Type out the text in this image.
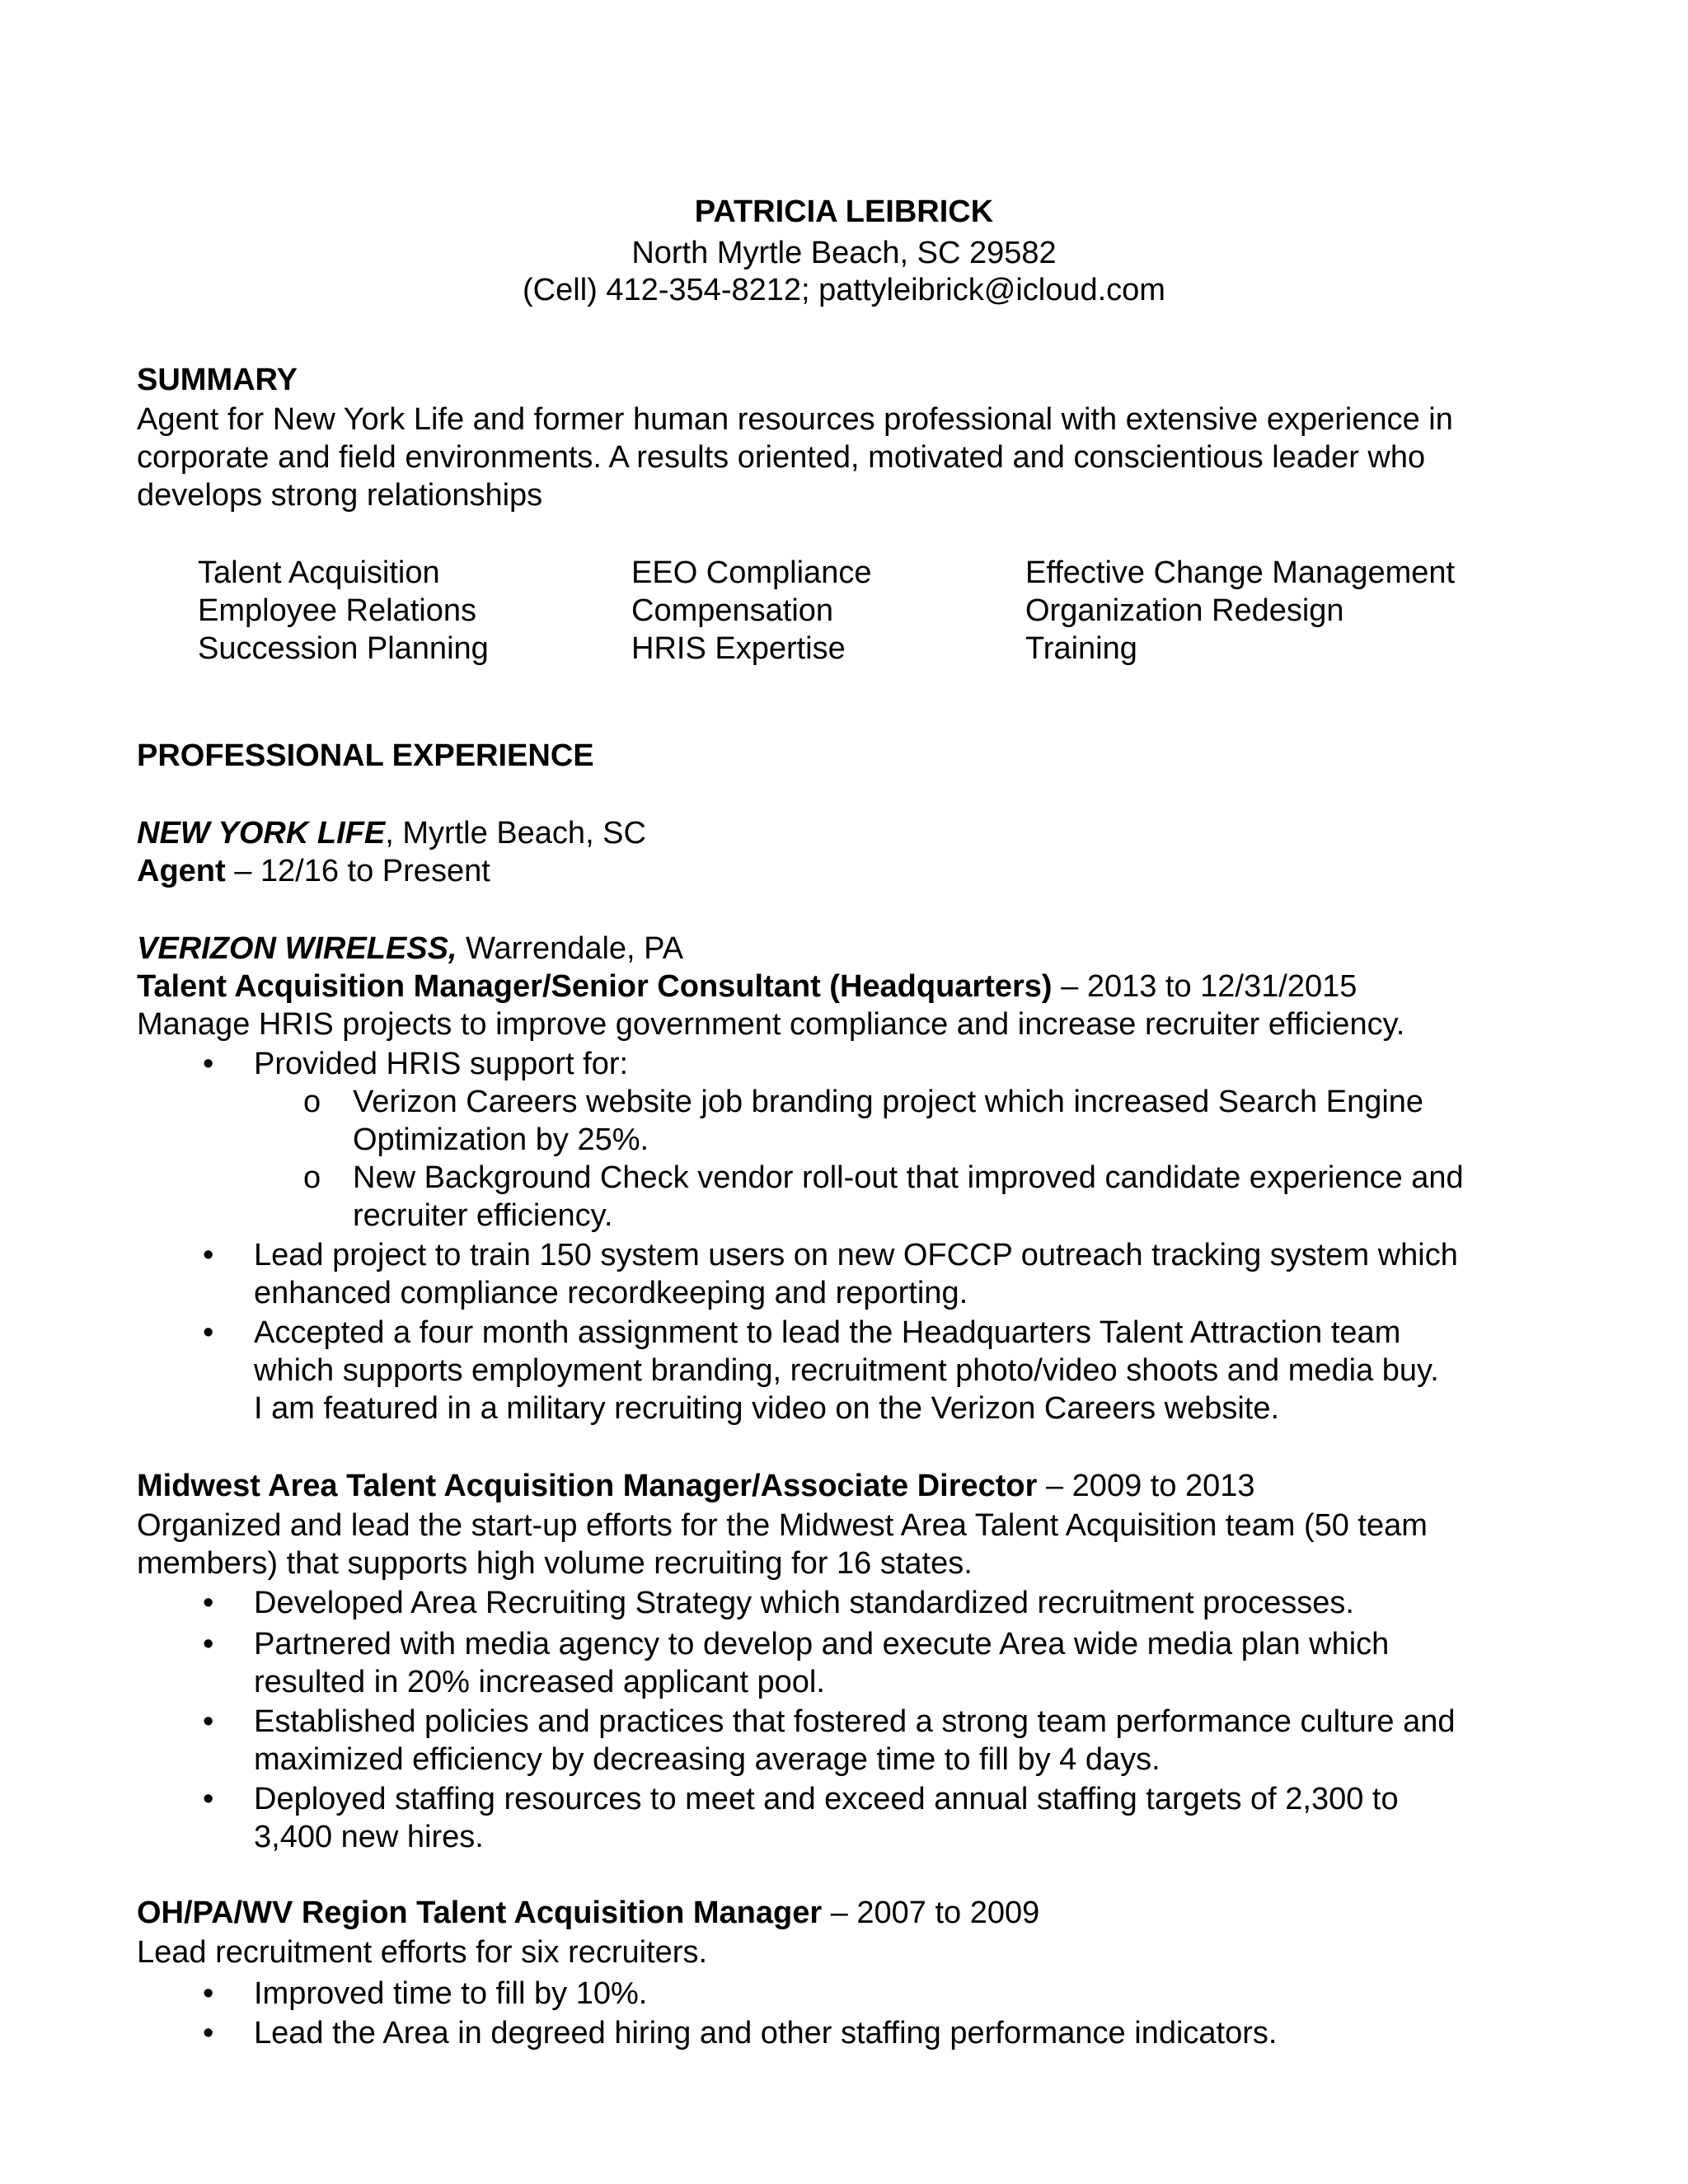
PATRICIA LEIBRICK
North Myrtle Beach, SC 29582
(Cell) 412-354-8212; pattyleibrick@icloud.com
SUMMARY
Agent for New York Life and former human resources professional with extensive experience in
corporate and field environments. A results oriented, motivated and conscientious leader who
develops strong relationships
Talent Acquisition
Employee Relations
Succession Planning
EEO Compliance
Compensation
HRIS Expertise
Effective Change Management
Organization Redesign
Training
PROFESSIONAL EXPERIENCE
NEW YORK LIFE, Myrtle Beach, SC
Agent – 12/16 to Present
VERIZON WIRELESS, Warrendale, PA
Talent Acquisition Manager/Senior Consultant (Headquarters) – 2013 to 12/31/2015
Manage HRIS projects to improve government compliance and increase recruiter efficiency.
• Provided HRIS support for:
o Verizon Careers website job branding project which increased Search Engine
Optimization by 25%.
o New Background Check vendor roll-out that improved candidate experience and
recruiter efficiency.
• Lead project to train 150 system users on new OFCCP outreach tracking system which
enhanced compliance recordkeeping and reporting.
• Accepted a four month assignment to lead the Headquarters Talent Attraction team
which supports employment branding, recruitment photo/video shoots and media buy.
I am featured in a military recruiting video on the Verizon Careers website.
Midwest Area Talent Acquisition Manager/Associate Director – 2009 to 2013
Organized and lead the start-up efforts for the Midwest Area Talent Acquisition team (50 team
members) that supports high volume recruiting for 16 states.
• Developed Area Recruiting Strategy which standardized recruitment processes.
• Partnered with media agency to develop and execute Area wide media plan which
resulted in 20% increased applicant pool.
• Established policies and practices that fostered a strong team performance culture and
maximized efficiency by decreasing average time to fill by 4 days.
• Deployed staffing resources to meet and exceed annual staffing targets of 2,300 to
3,400 new hires.
OH/PA/WV Region Talent Acquisition Manager – 2007 to 2009
Lead recruitment efforts for six recruiters.
• Improved time to fill by 10%.
• Lead the Area in degreed hiring and other staffing performance indicators.
